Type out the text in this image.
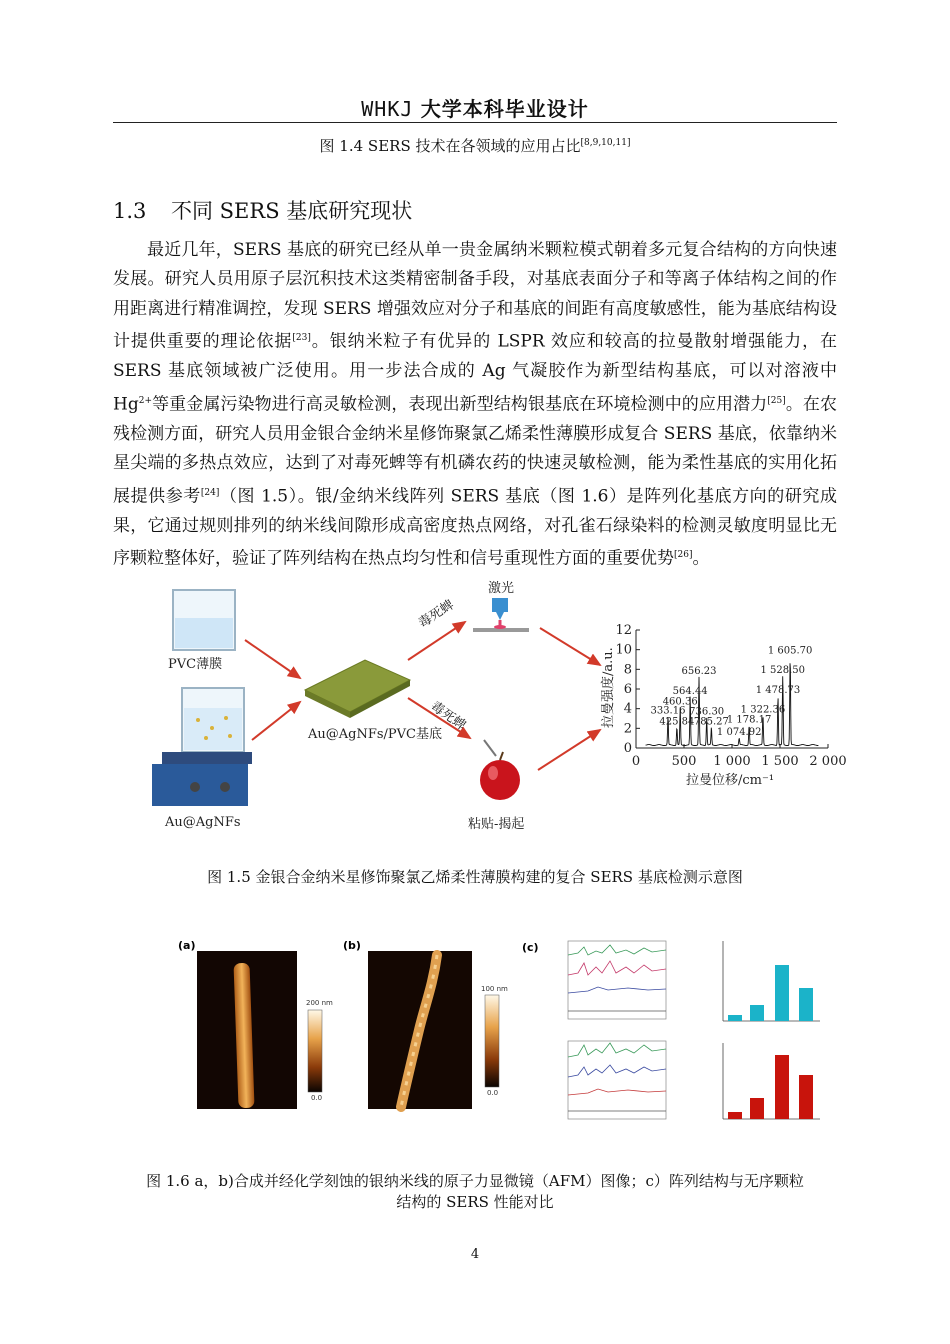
WHKJ 大学本科毕业设计
图 1.4 SERS 技术在各领域的应用占比[8,9,10,11]
1.3 不同 SERS 基底研究现状
最近几年，SERS 基底的研究已经从单一贵金属纳米颗粒模式朝着多元复合结构的方向快速发展。研究人员用原子层沉积技术这类精密制备手段，对基底表面分子和等离子体结构之间的作用距离进行精准调控，发现 SERS 增强效应对分子和基底的间距有高度敏感性，能为基底结构设计提供重要的理论依据[23]。银纳米粒子有优异的 LSPR 效应和较高的拉曼散射增强能力，在 SERS 基底领域被广泛使用。用一步法合成的 Ag 气凝胶作为新型结构基底，可以对溶液中 $Hg^{2+}$等重金属污染物进行高灵敏检测，表现出新型结构银基底在环境检测中的应用潜力[25]。在农残检测方面，研究人员用金银合金纳米星修饰聚氯乙烯柔性薄膜形成复合 SERS 基底，依靠纳米星尖端的多热点效应，达到了对毒死蜱等有机磷农药的快速灵敏检测，能为柔性基底的实用化拓展提供参考[24]（图 1.5）。银/金纳米线阵列 SERS 基底（图 1.6）是阵列化基底方向的研究成果，它通过规则排列的纳米线间隙形成高密度热点网络，对孔雀石绿染料的检测灵敏度明显比无序颗粒整体好，验证了阵列结构在热点均匀性和信号重现性方面的重要优势[26]。
PVC薄膜
Au@AgNFs
Au@AgNFs/PVC基底
毒死蜱
毒死蜱
激光
粘贴-揭起
拉曼强度/a.u.
拉曼位移/cm⁻¹
0
2
4
6
8
10
12
0 500 1 000 1 500 2 000
333.16
425.84
460.36
564.44
656.23
736.30
785.27
1 074.92
1 178.17
1 322.36
1 478.73
1 528.50
1 605.70
图 1.5 金银合金纳米星修饰聚氯乙烯柔性薄膜构建的复合 SERS 基底检测示意图
(a)
200 nm
0.0
(b)
100 nm
0.0
(c)
图 1.6 a，b)合成并经化学刻蚀的银纳米线的原子力显微镜（AFM）图像；c）阵列结构与无序颗粒
结构的 SERS 性能对比
4
